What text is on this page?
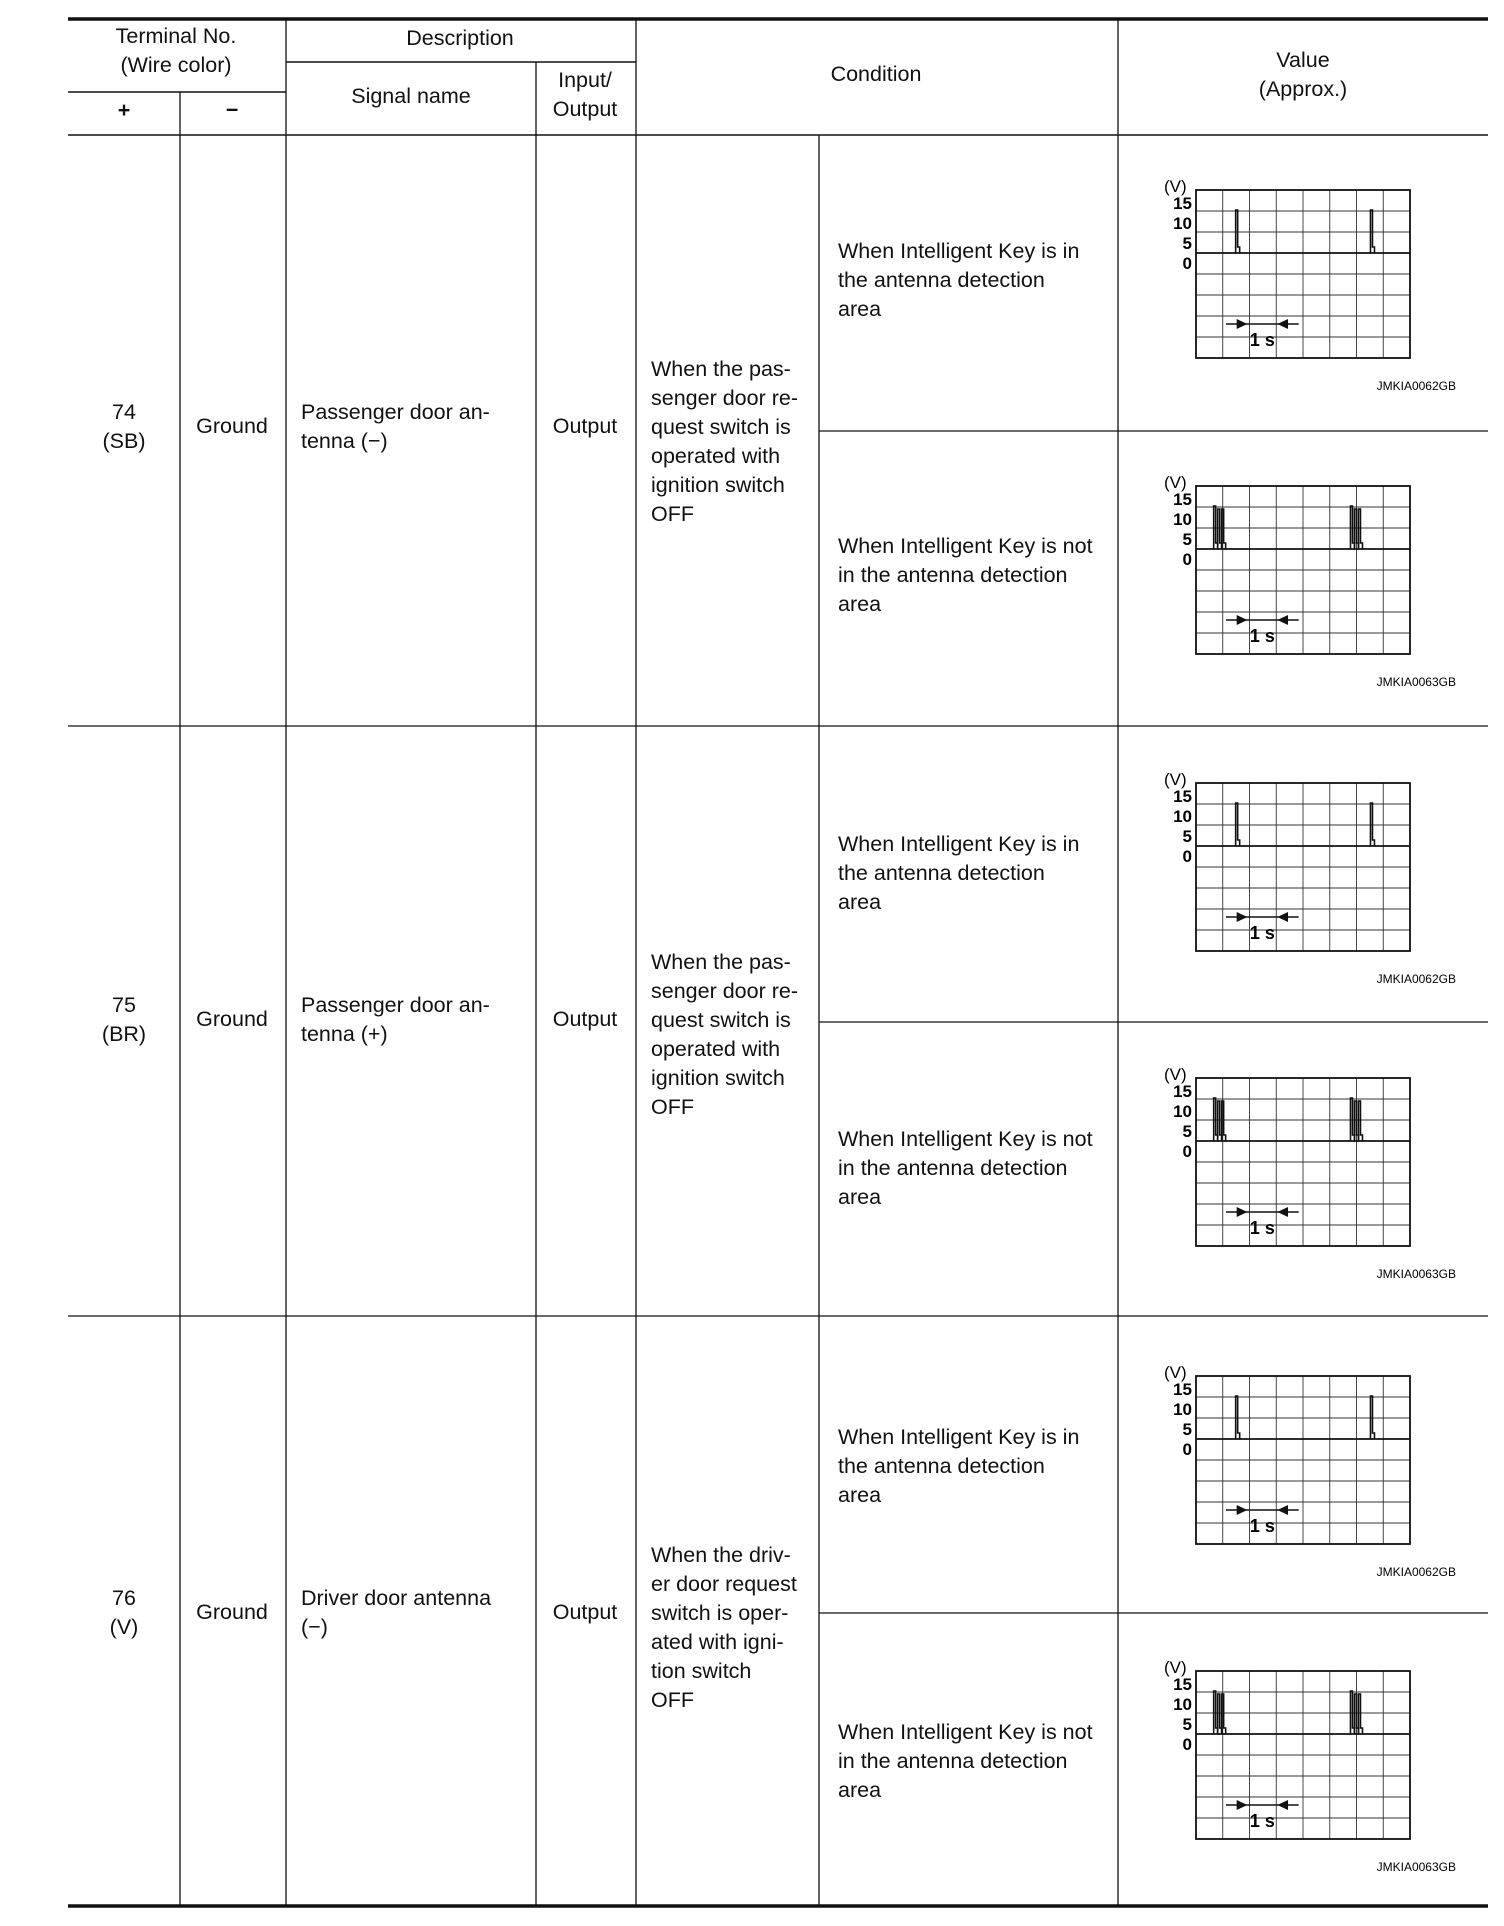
Terminal No.
(Wire color)
+	−
Description
Signal name
Input/
Output
Condition
Value
(Approx.)
74
(SB)
Ground
Passenger door an-
tenna (−)
Output
When the pas-
senger door re-
quest switch is
operated with
ignition switch
OFF
When Intelligent Key is in
the antenna detection
area
When Intelligent Key is not
in the antenna detection
area
(V)
15
10
5
0
1 s
JMKIA0062GB
(V)
15
10
5
0
1 s
JMKIA0063GB
75
(BR)
Ground
Passenger door an-
tenna (+)
Output
When the pas-
senger door re-
quest switch is
operated with
ignition switch
OFF
When Intelligent Key is in
the antenna detection
area
When Intelligent Key is not
in the antenna detection
area
(V)
15
10
5
0
1 s
JMKIA0062GB
(V)
15
10
5
0
1 s
JMKIA0063GB
76
(V)
Ground
Driver door antenna
(−)
Output
When the driv-
er door request
switch is oper-
ated with igni-
tion switch
OFF
When Intelligent Key is in
the antenna detection
area
When Intelligent Key is not
in the antenna detection
area
(V)
15
10
5
0
1 s
JMKIA0062GB
(V)
15
10
5
0
1 s
JMKIA0063GB
